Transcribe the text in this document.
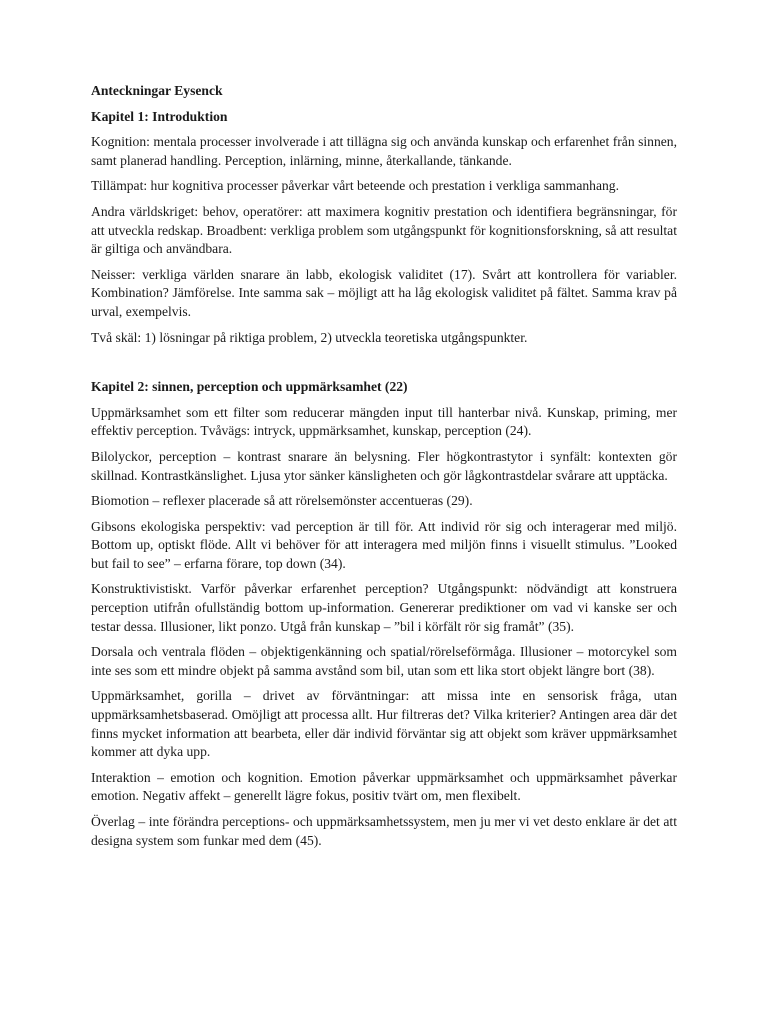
Anteckningar Eysenck
Kapitel 1: Introduktion

Kognition: mentala processer involverade i att tillägna sig och använda kunskap och erfarenhet från sinnen, samt planerad handling. Perception, inlärning, minne, återkallande, tänkande.

Tillämpat: hur kognitiva processer påverkar vårt beteende och prestation i verkliga sammanhang.

Andra världskriget: behov, operatörer: att maximera kognitiv prestation och identifiera begränsningar, för att utveckla redskap. Broadbent: verkliga problem som utgångspunkt för kognitionsforskning, så att resultat är giltiga och användbara.

Neisser: verkliga världen snarare än labb, ekologisk validitet (17). Svårt att kontrollera för variabler. Kombination? Jämförelse. Inte samma sak – möjligt att ha låg ekologisk validitet på fältet. Samma krav på urval, exempelvis.

Två skäl: 1) lösningar på riktiga problem, 2) utveckla teoretiska utgångspunkter.

Kapitel 2: sinnen, perception och uppmärksamhet (22)

Uppmärksamhet som ett filter som reducerar mängden input till hanterbar nivå. Kunskap, priming, mer effektiv perception. Tvåvägs: intryck, uppmärksamhet, kunskap, perception (24).

Bilolyckor, perception – kontrast snarare än belysning. Fler högkontrastytor i synfält: kontexten gör skillnad. Kontrastkänslighet. Ljusa ytor sänker känsligheten och gör lågkontrastdelar svårare att upptäcka.

Biomotion – reflexer placerade så att rörelsemönster accentueras (29).

Gibsons ekologiska perspektiv: vad perception är till för. Att individ rör sig och interagerar med miljö. Bottom up, optiskt flöde. Allt vi behöver för att interagera med miljön finns i visuellt stimulus. ”Looked but fail to see” – erfarna förare, top down (34).

Konstruktivistiskt. Varför påverkar erfarenhet perception? Utgångspunkt: nödvändigt att konstruera perception utifrån ofullständig bottom up-information. Genererar prediktioner om vad vi kanske ser och testar dessa. Illusioner, likt ponzo. Utgå från kunskap – ”bil i körfält rör sig framåt” (35).

Dorsala och ventrala flöden – objektigenkänning och spatial/rörelseförmåga. Illusioner – motorcykel som inte ses som ett mindre objekt på samma avstånd som bil, utan som ett lika stort objekt längre bort (38).

Uppmärksamhet, gorilla – drivet av förväntningar: att missa inte en sensorisk fråga, utan uppmärksamhetsbaserad. Omöjligt att processa allt. Hur filtreras det? Vilka kriterier? Antingen area där det finns mycket information att bearbeta, eller där individ förväntar sig att objekt som kräver uppmärksamhet kommer att dyka upp.

Interaktion – emotion och kognition. Emotion påverkar uppmärksamhet och uppmärksamhet påverkar emotion. Negativ affekt – generellt lägre fokus, positiv tvärt om, men flexibelt.

Överlag – inte förändra perceptions- och uppmärksamhetssystem, men ju mer vi vet desto enklare är det att designa system som funkar med dem (45).
